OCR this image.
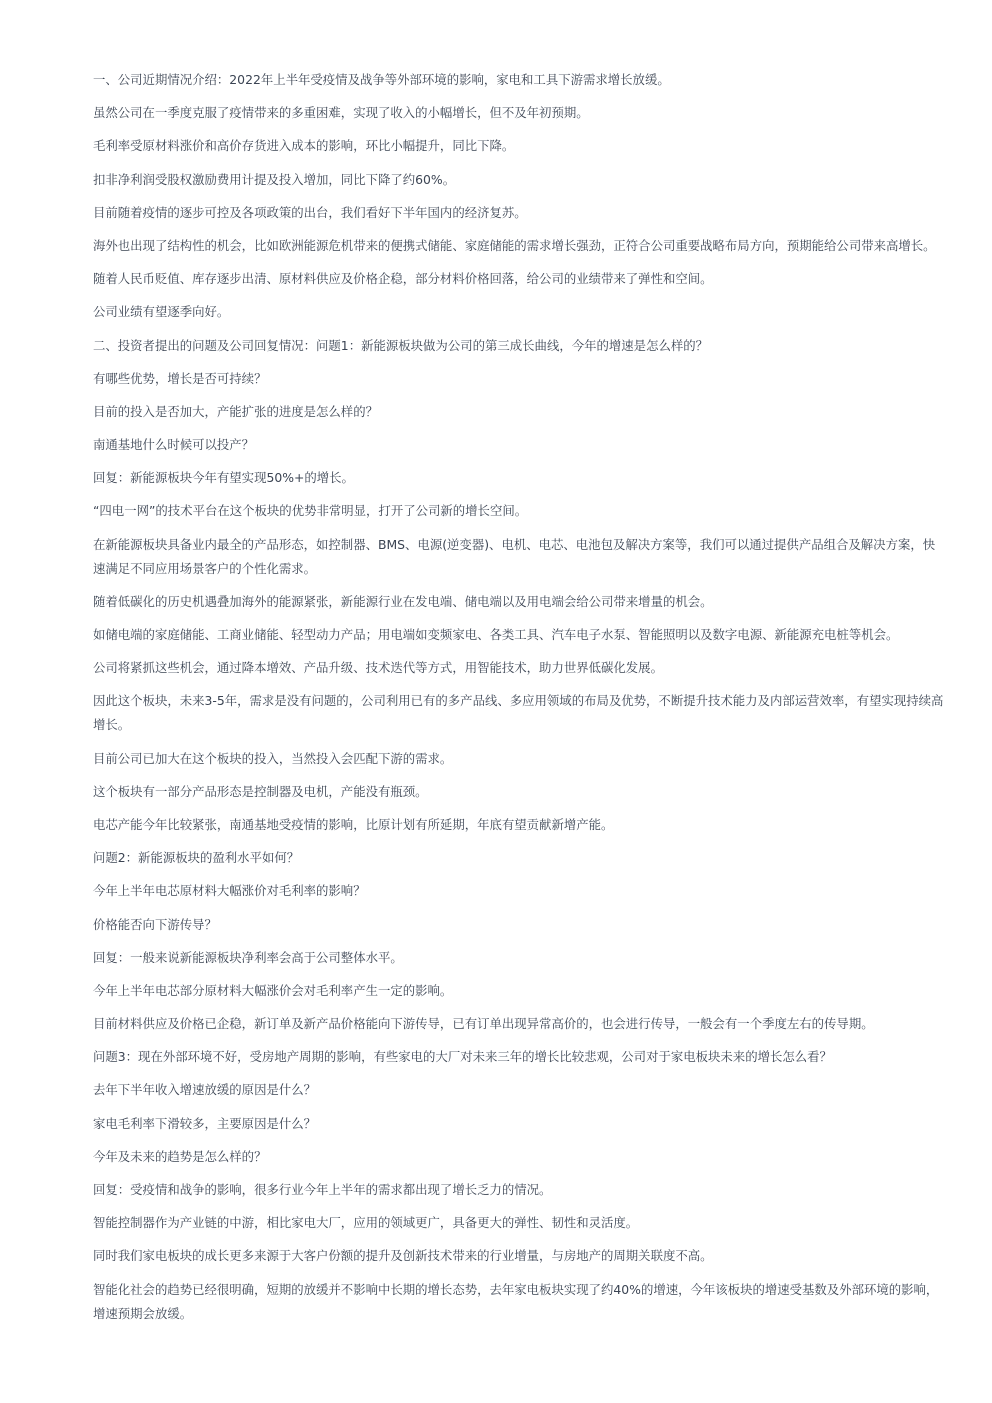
一、公司近期情况介绍：2022年上半年受疫情及战争等外部环境的影响，家电和工具下游需求增长放缓。

虽然公司在一季度克服了疫情带来的多重困难，实现了收入的小幅增长，但不及年初预期。

毛利率受原材料涨价和高价存货进入成本的影响，环比小幅提升，同比下降。

扣非净利润受股权激励费用计提及投入增加，同比下降了约60%。

目前随着疫情的逐步可控及各项政策的出台，我们看好下半年国内的经济复苏。

海外也出现了结构性的机会，比如欧洲能源危机带来的便携式储能、家庭储能的需求增长强劲，正符合公司重要战略布局方向，预期能给公司带来高增长。

随着人民币贬值、库存逐步出清、原材料供应及价格企稳，部分材料价格回落，给公司的业绩带来了弹性和空间。

公司业绩有望逐季向好。

二、投资者提出的问题及公司回复情况：问题1：新能源板块做为公司的第三成长曲线，今年的增速是怎么样的？

有哪些优势，增长是否可持续？

目前的投入是否加大，产能扩张的进度是怎么样的？

南通基地什么时候可以投产？

回复：新能源板块今年有望实现50%+的增长。

“四电一网”的技术平台在这个板块的优势非常明显，打开了公司新的增长空间。

在新能源板块具备业内最全的产品形态，如控制器、BMS、电源(逆变器)、电机、电芯、电池包及解决方案等，我们可以通过提供产品组合及解决方案，快速满足不同应用场景客户的个性化需求。

随着低碳化的历史机遇叠加海外的能源紧张，新能源行业在发电端、储电端以及用电端会给公司带来增量的机会。

如储电端的家庭储能、工商业储能、轻型动力产品；用电端如变频家电、各类工具、汽车电子水泵、智能照明以及数字电源、新能源充电桩等机会。

公司将紧抓这些机会，通过降本增效、产品升级、技术迭代等方式，用智能技术，助力世界低碳化发展。

因此这个板块，未来3-5年，需求是没有问题的，公司利用已有的多产品线、多应用领域的布局及优势，不断提升技术能力及内部运营效率，有望实现持续高增长。

目前公司已加大在这个板块的投入，当然投入会匹配下游的需求。

这个板块有一部分产品形态是控制器及电机，产能没有瓶颈。

电芯产能今年比较紧张，南通基地受疫情的影响，比原计划有所延期，年底有望贡献新增产能。

问题2：新能源板块的盈利水平如何？

今年上半年电芯原材料大幅涨价对毛利率的影响？

价格能否向下游传导？

回复：一般来说新能源板块净利率会高于公司整体水平。

今年上半年电芯部分原材料大幅涨价会对毛利率产生一定的影响。

目前材料供应及价格已企稳，新订单及新产品价格能向下游传导，已有订单出现异常高价的，也会进行传导，一般会有一个季度左右的传导期。

问题3：现在外部环境不好，受房地产周期的影响，有些家电的大厂对未来三年的增长比较悲观，公司对于家电板块未来的增长怎么看？

去年下半年收入增速放缓的原因是什么？

家电毛利率下滑较多，主要原因是什么？

今年及未来的趋势是怎么样的？

回复：受疫情和战争的影响，很多行业今年上半年的需求都出现了增长乏力的情况。

智能控制器作为产业链的中游，相比家电大厂，应用的领域更广，具备更大的弹性、韧性和灵活度。

同时我们家电板块的成长更多来源于大客户份额的提升及创新技术带来的行业增量，与房地产的周期关联度不高。

智能化社会的趋势已经很明确，短期的放缓并不影响中长期的增长态势，去年家电板块实现了约40%的增速，今年该板块的增速受基数及外部环境的影响，增速预期会放缓。
